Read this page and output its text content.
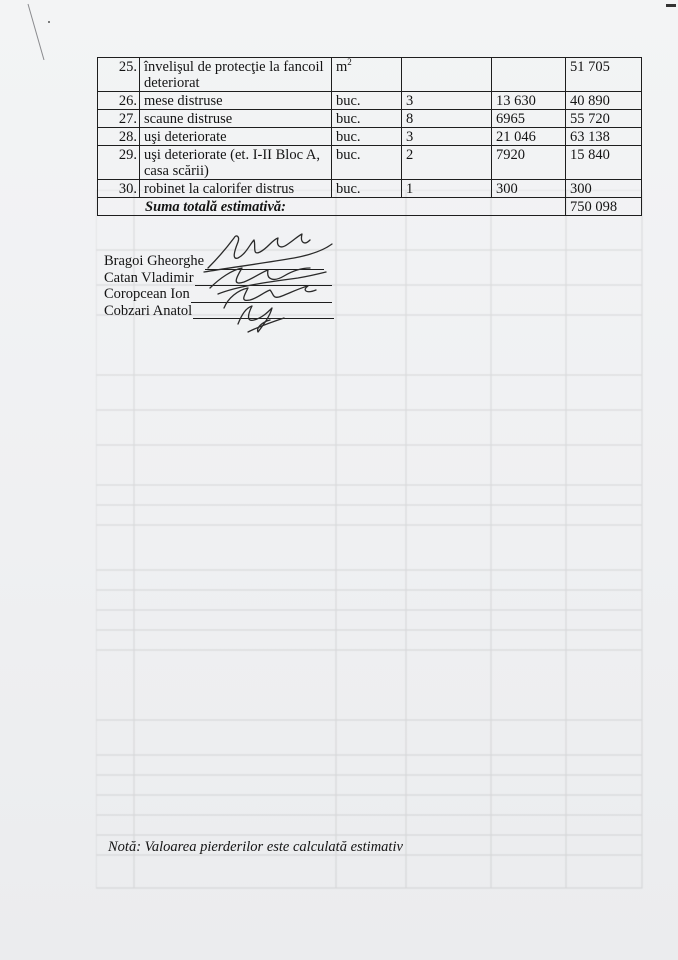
25.	învelişul de protecţie la fancoil deteriorat	$m^2$			51 705
26.	mese distruse	buc.	3	13 630	40 890
27.	scaune distruse	buc.	8	6965	55 720
28.	uşi deteriorate	buc.	3	21 046	63 138
29.	uşi deteriorate (et. I-II Bloc A, casa scării)	buc.	2	7920	15 840
30.	robinet la calorifer distrus	buc.	1	300	300
Suma totală estimativă:					750 098
Bragoi Gheorghe
Catan Vladimir
Coropcean Ion
Cobzari Anatol
Notă: Valoarea pierderilor este calculată estimativ
